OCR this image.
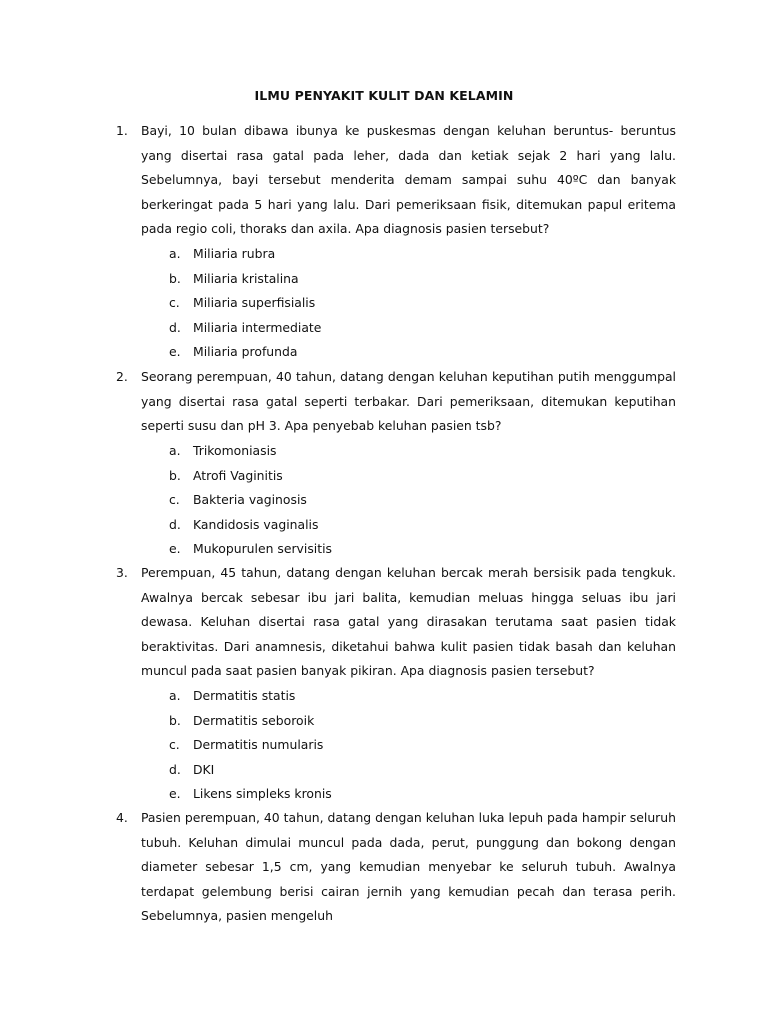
ILMU PENYAKIT KULIT DAN KELAMIN
1. Bayi, 10 bulan dibawa ibunya ke puskesmas dengan keluhan beruntus- beruntus yang disertai rasa gatal pada leher, dada dan ketiak sejak 2 hari yang lalu. Sebelumnya, bayi tersebut menderita demam sampai suhu 40ºC dan banyak berkeringat pada 5 hari yang lalu. Dari pemeriksaan fisik, ditemukan papul eritema pada regio coli, thoraks dan axila. Apa diagnosis pasien tersebut?

a. Miliaria rubra
b. Miliaria kristalina
c. Miliaria superfisialis
d. Miliaria intermediate
e. Miliaria profunda
2. Seorang perempuan, 40 tahun, datang dengan keluhan keputihan putih menggumpal yang disertai rasa gatal seperti terbakar. Dari pemeriksaan, ditemukan keputihan seperti susu dan pH 3. Apa penyebab keluhan pasien tsb?

a. Trikomoniasis
b. Atrofi Vaginitis
c. Bakteria vaginosis
d. Kandidosis vaginalis
e. Mukopurulen servisitis
3. Perempuan, 45 tahun, datang dengan keluhan bercak merah bersisik pada tengkuk. Awalnya bercak sebesar ibu jari balita, kemudian meluas hingga seluas ibu jari dewasa. Keluhan disertai rasa gatal yang dirasakan terutama saat pasien tidak beraktivitas. Dari anamnesis, diketahui bahwa kulit pasien tidak basah dan keluhan muncul pada saat pasien banyak pikiran. Apa diagnosis pasien tersebut?

a. Dermatitis statis
b. Dermatitis seboroik
c. Dermatitis numularis
d. DKI
e. Likens simpleks kronis
4. Pasien perempuan, 40 tahun, datang dengan keluhan luka lepuh pada hampir seluruh tubuh. Keluhan dimulai muncul pada dada, perut, punggung dan bokong dengan diameter sebesar 1,5 cm, yang kemudian menyebar ke seluruh tubuh. Awalnya terdapat gelembung berisi cairan jernih yang kemudian pecah dan terasa perih. Sebelumnya, pasien mengeluh
